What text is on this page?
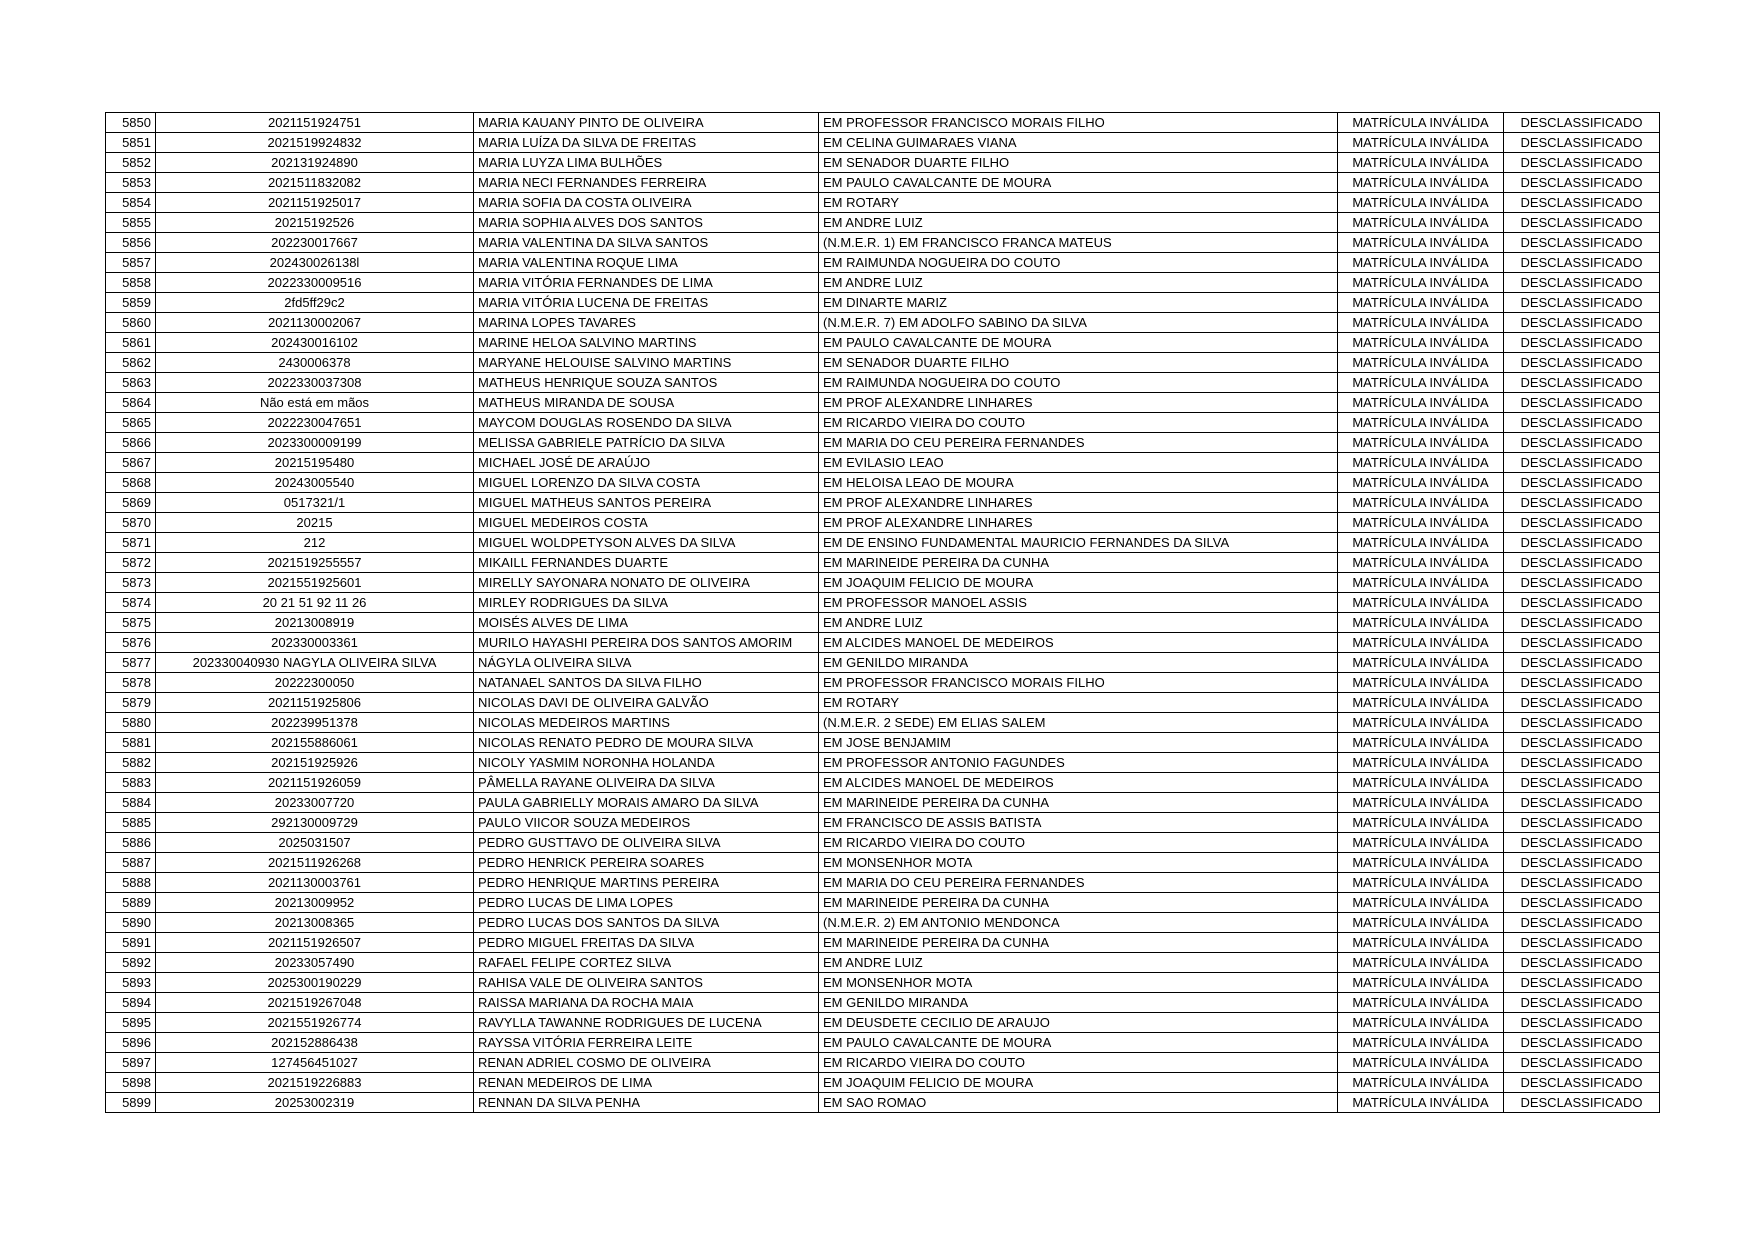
5850	2021151924751	MARIA KAUANY PINTO DE OLIVEIRA	EM PROFESSOR FRANCISCO MORAIS FILHO	MATRÍCULA INVÁLIDA	DESCLASSIFICADO
5851	2021519924832	MARIA LUÍZA DA SILVA DE FREITAS	EM CELINA GUIMARAES VIANA	MATRÍCULA INVÁLIDA	DESCLASSIFICADO
5852	202131924890	MARIA LUYZA LIMA BULHÕES	EM SENADOR DUARTE FILHO	MATRÍCULA INVÁLIDA	DESCLASSIFICADO
5853	2021511832082	MARIA NECI FERNANDES FERREIRA	EM PAULO CAVALCANTE DE MOURA	MATRÍCULA INVÁLIDA	DESCLASSIFICADO
5854	2021151925017	MARIA SOFIA DA COSTA OLIVEIRA	EM ROTARY	MATRÍCULA INVÁLIDA	DESCLASSIFICADO
5855	20215192526	MARIA SOPHIA ALVES DOS SANTOS	EM ANDRE LUIZ	MATRÍCULA INVÁLIDA	DESCLASSIFICADO
5856	202230017667	MARIA VALENTINA DA SILVA SANTOS	(N.M.E.R. 1) EM FRANCISCO FRANCA MATEUS	MATRÍCULA INVÁLIDA	DESCLASSIFICADO
5857	202430026138l	MARIA VALENTINA ROQUE LIMA	EM RAIMUNDA NOGUEIRA DO COUTO	MATRÍCULA INVÁLIDA	DESCLASSIFICADO
5858	2022330009516	MARIA VITÓRIA FERNANDES DE LIMA	EM ANDRE LUIZ	MATRÍCULA INVÁLIDA	DESCLASSIFICADO
5859	2fd5ff29c2	MARIA VITÓRIA LUCENA DE FREITAS	EM DINARTE MARIZ	MATRÍCULA INVÁLIDA	DESCLASSIFICADO
5860	2021130002067	MARINA LOPES TAVARES	(N.M.E.R. 7) EM ADOLFO SABINO DA SILVA	MATRÍCULA INVÁLIDA	DESCLASSIFICADO
5861	202430016102	MARINE HELOA SALVINO MARTINS	EM PAULO CAVALCANTE DE MOURA	MATRÍCULA INVÁLIDA	DESCLASSIFICADO
5862	2430006378	MARYANE HELOUISE SALVINO MARTINS	EM SENADOR DUARTE FILHO	MATRÍCULA INVÁLIDA	DESCLASSIFICADO
5863	2022330037308	MATHEUS HENRIQUE SOUZA SANTOS	EM RAIMUNDA NOGUEIRA DO COUTO	MATRÍCULA INVÁLIDA	DESCLASSIFICADO
5864	Não está em mãos	MATHEUS MIRANDA DE SOUSA	EM PROF ALEXANDRE LINHARES	MATRÍCULA INVÁLIDA	DESCLASSIFICADO
5865	2022230047651	MAYCOM DOUGLAS ROSENDO DA SILVA	EM RICARDO VIEIRA DO COUTO	MATRÍCULA INVÁLIDA	DESCLASSIFICADO
5866	2023300009199	MELISSA GABRIELE PATRÍCIO DA SILVA	EM MARIA DO CEU PEREIRA FERNANDES	MATRÍCULA INVÁLIDA	DESCLASSIFICADO
5867	20215195480	MICHAEL JOSÉ DE ARAÚJO	EM EVILASIO LEAO	MATRÍCULA INVÁLIDA	DESCLASSIFICADO
5868	20243005540	MIGUEL LORENZO DA SILVA COSTA	EM HELOISA LEAO DE MOURA	MATRÍCULA INVÁLIDA	DESCLASSIFICADO
5869	0517321/1	MIGUEL MATHEUS SANTOS PEREIRA	EM PROF ALEXANDRE LINHARES	MATRÍCULA INVÁLIDA	DESCLASSIFICADO
5870	20215	MIGUEL MEDEIROS COSTA	EM PROF ALEXANDRE LINHARES	MATRÍCULA INVÁLIDA	DESCLASSIFICADO
5871	212	MIGUEL WOLDPETYSON ALVES DA SILVA	EM DE ENSINO FUNDAMENTAL MAURICIO FERNANDES DA SILVA	MATRÍCULA INVÁLIDA	DESCLASSIFICADO
5872	2021519255557	MIKAILL FERNANDES DUARTE	EM MARINEIDE PEREIRA DA CUNHA	MATRÍCULA INVÁLIDA	DESCLASSIFICADO
5873	2021551925601	MIRELLY SAYONARA NONATO DE OLIVEIRA	EM JOAQUIM FELICIO DE MOURA	MATRÍCULA INVÁLIDA	DESCLASSIFICADO
5874	20 21 51 92 11 26	MIRLEY RODRIGUES DA SILVA	EM PROFESSOR MANOEL ASSIS	MATRÍCULA INVÁLIDA	DESCLASSIFICADO
5875	20213008919	MOISÉS ALVES DE LIMA	EM ANDRE LUIZ	MATRÍCULA INVÁLIDA	DESCLASSIFICADO
5876	202330003361	MURILO HAYASHI PEREIRA DOS SANTOS AMORIM	EM ALCIDES MANOEL DE MEDEIROS	MATRÍCULA INVÁLIDA	DESCLASSIFICADO
5877	202330040930 NAGYLA OLIVEIRA SILVA	NÁGYLA OLIVEIRA SILVA	EM GENILDO MIRANDA	MATRÍCULA INVÁLIDA	DESCLASSIFICADO
5878	20222300050	NATANAEL SANTOS DA SILVA FILHO	EM PROFESSOR FRANCISCO MORAIS FILHO	MATRÍCULA INVÁLIDA	DESCLASSIFICADO
5879	2021151925806	NICOLAS DAVI DE OLIVEIRA GALVÃO	EM ROTARY	MATRÍCULA INVÁLIDA	DESCLASSIFICADO
5880	202239951378	NICOLAS MEDEIROS MARTINS	(N.M.E.R. 2 SEDE) EM ELIAS SALEM	MATRÍCULA INVÁLIDA	DESCLASSIFICADO
5881	202155886061	NICOLAS RENATO PEDRO DE MOURA SILVA	EM JOSE BENJAMIM	MATRÍCULA INVÁLIDA	DESCLASSIFICADO
5882	202151925926	NICOLY YASMIM NORONHA HOLANDA	EM PROFESSOR ANTONIO FAGUNDES	MATRÍCULA INVÁLIDA	DESCLASSIFICADO
5883	2021151926059	PÂMELLA RAYANE OLIVEIRA DA SILVA	EM ALCIDES MANOEL DE MEDEIROS	MATRÍCULA INVÁLIDA	DESCLASSIFICADO
5884	20233007720	PAULA GABRIELLY MORAIS AMARO DA SILVA	EM MARINEIDE PEREIRA DA CUNHA	MATRÍCULA INVÁLIDA	DESCLASSIFICADO
5885	292130009729	PAULO VIICOR SOUZA MEDEIROS	EM FRANCISCO DE ASSIS BATISTA	MATRÍCULA INVÁLIDA	DESCLASSIFICADO
5886	2025031507	PEDRO GUSTTAVO DE OLIVEIRA SILVA	EM RICARDO VIEIRA DO COUTO	MATRÍCULA INVÁLIDA	DESCLASSIFICADO
5887	2021511926268	PEDRO HENRICK PEREIRA SOARES	EM MONSENHOR MOTA	MATRÍCULA INVÁLIDA	DESCLASSIFICADO
5888	2021130003761	PEDRO HENRIQUE MARTINS PEREIRA	EM MARIA DO CEU PEREIRA FERNANDES	MATRÍCULA INVÁLIDA	DESCLASSIFICADO
5889	20213009952	PEDRO LUCAS DE LIMA LOPES	EM MARINEIDE PEREIRA DA CUNHA	MATRÍCULA INVÁLIDA	DESCLASSIFICADO
5890	20213008365	PEDRO LUCAS DOS SANTOS DA SILVA	(N.M.E.R. 2) EM ANTONIO MENDONCA	MATRÍCULA INVÁLIDA	DESCLASSIFICADO
5891	2021151926507	PEDRO MIGUEL FREITAS DA SILVA	EM MARINEIDE PEREIRA DA CUNHA	MATRÍCULA INVÁLIDA	DESCLASSIFICADO
5892	20233057490	RAFAEL FELIPE CORTEZ SILVA	EM ANDRE LUIZ	MATRÍCULA INVÁLIDA	DESCLASSIFICADO
5893	2025300190229	RAHISA VALE DE OLIVEIRA SANTOS	EM MONSENHOR MOTA	MATRÍCULA INVÁLIDA	DESCLASSIFICADO
5894	2021519267048	RAISSA MARIANA DA ROCHA MAIA	EM GENILDO MIRANDA	MATRÍCULA INVÁLIDA	DESCLASSIFICADO
5895	2021551926774	RAVYLLA TAWANNE RODRIGUES DE LUCENA	EM DEUSDETE CECILIO DE ARAUJO	MATRÍCULA INVÁLIDA	DESCLASSIFICADO
5896	202152886438	RAYSSA VITÓRIA FERREIRA LEITE	EM PAULO CAVALCANTE DE MOURA	MATRÍCULA INVÁLIDA	DESCLASSIFICADO
5897	127456451027	RENAN ADRIEL COSMO DE OLIVEIRA	EM RICARDO VIEIRA DO COUTO	MATRÍCULA INVÁLIDA	DESCLASSIFICADO
5898	2021519226883	RENAN MEDEIROS DE LIMA	EM JOAQUIM FELICIO DE MOURA	MATRÍCULA INVÁLIDA	DESCLASSIFICADO
5899	20253002319	RENNAN DA SILVA PENHA	EM SAO ROMAO	MATRÍCULA INVÁLIDA	DESCLASSIFICADO
